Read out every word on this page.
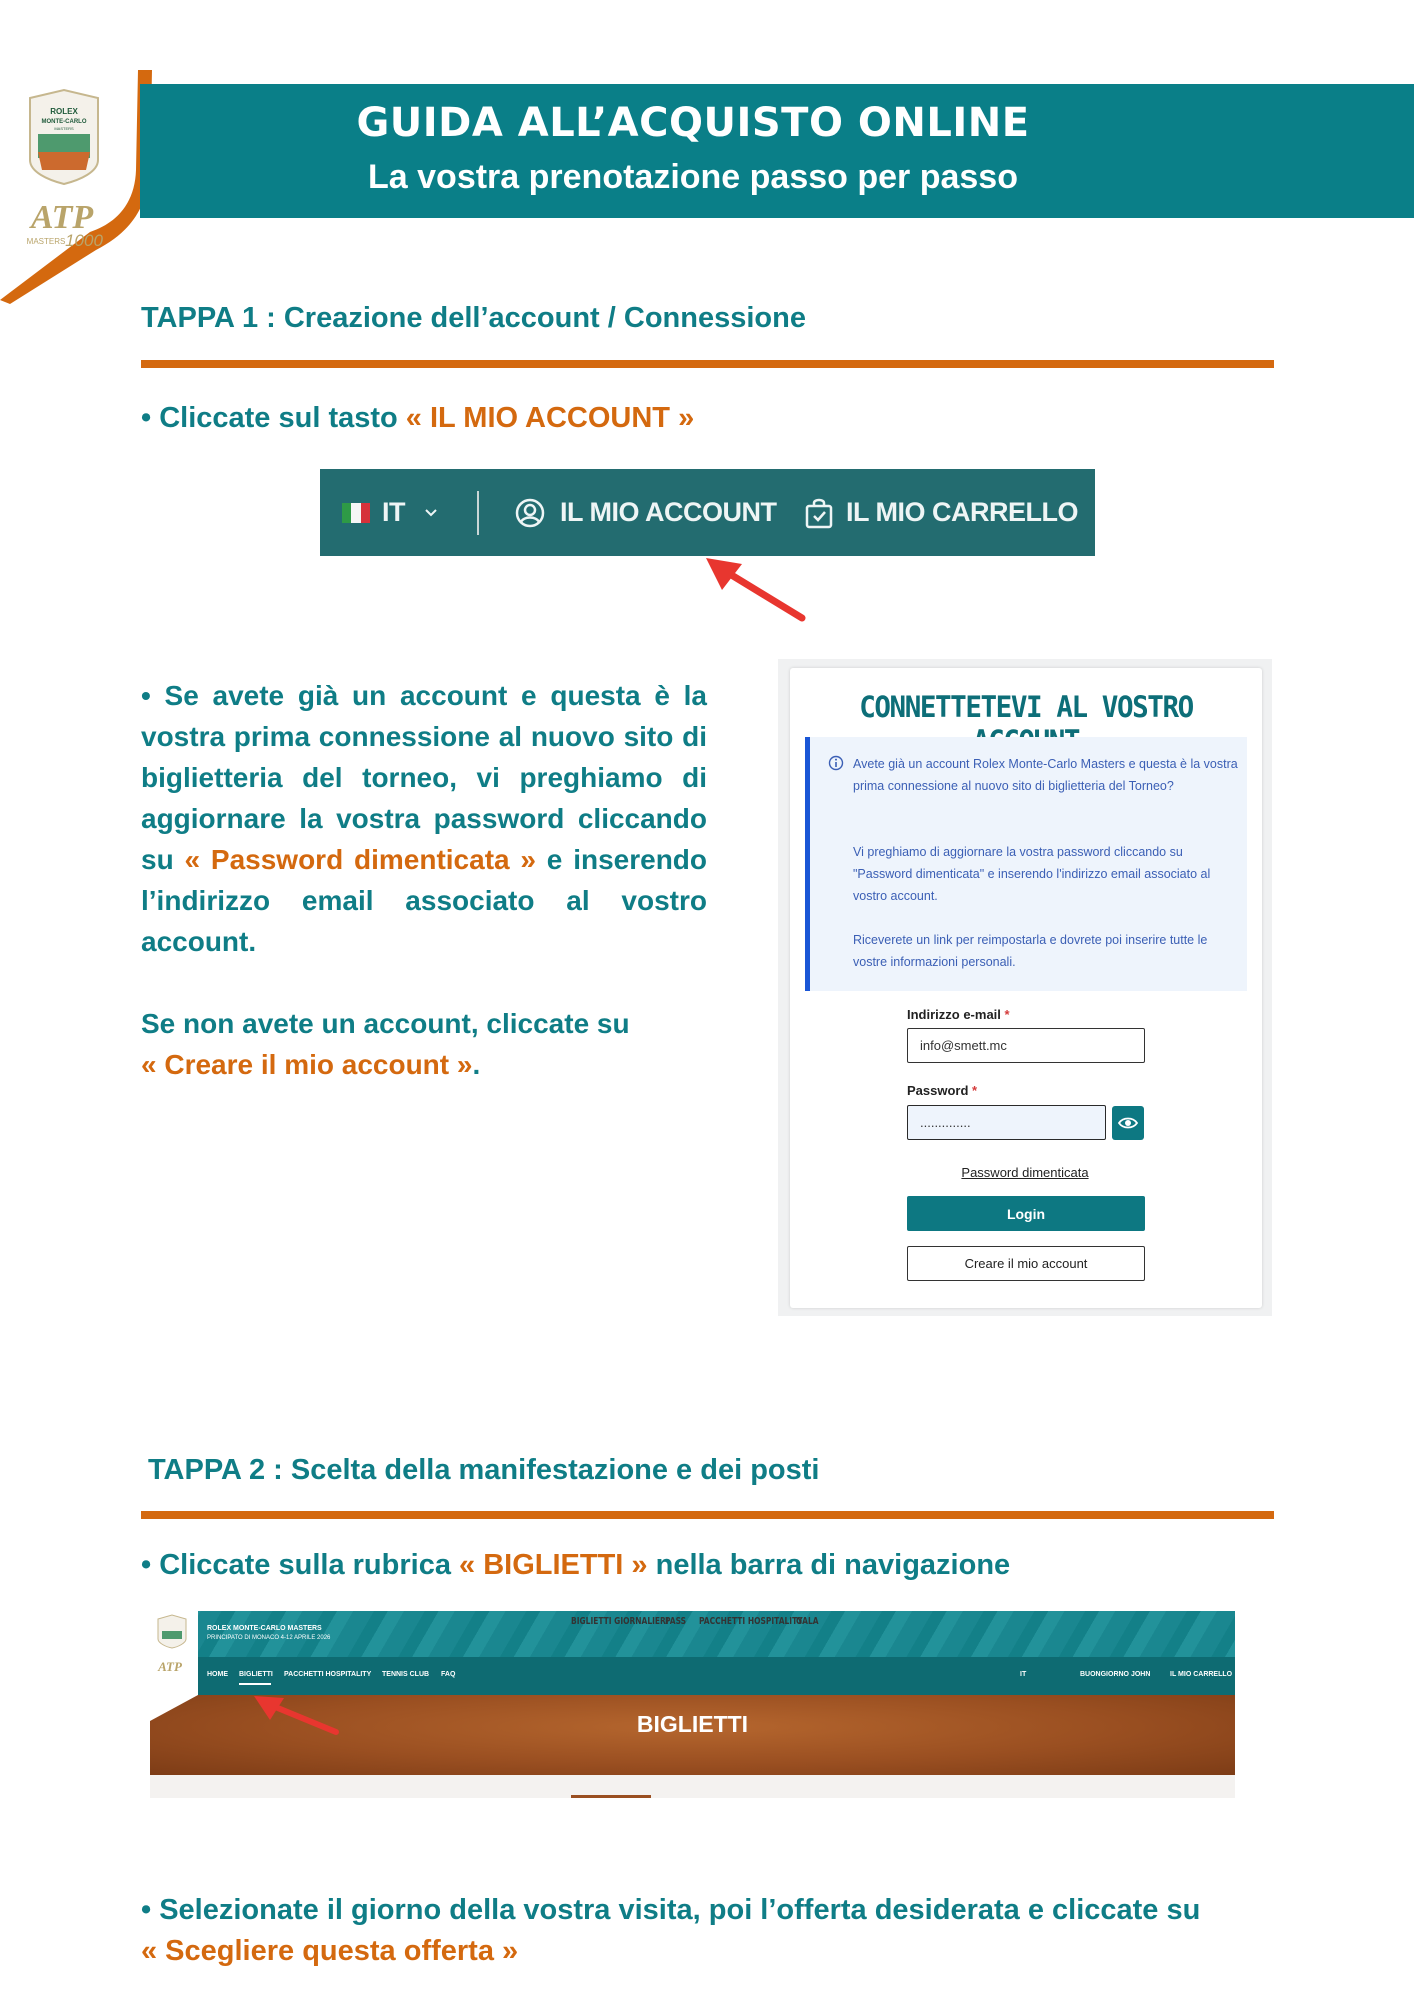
ROLEX
MONTE-CARLO
MASTERS
ATP
MASTERS 1000
GUIDA ALL’ACQUISTO ONLINE
La vostra prenotazione passo per passo
TAPPA 1 : Creazione dell’account / Connessione
• Cliccate sul tasto « IL MIO ACCOUNT »
IT	IL MIO ACCOUNT	IL MIO CARRELLO
• Se avete già un account e questa è la vostra prima connessione al nuovo sito di biglietteria del torneo, vi preghiamo di aggiornare la vostra password cliccando su « Password dimenticata » e inserendo l’indirizzo email associato al vostro account.
Se non avete un account, cliccate su
« Creare il mio account ».
CONNETTETEVI AL VOSTRO
Avete già un account Rolex Monte-Carlo Masters e questa è la vostra prima connessione al nuovo sito di biglietteria del Torneo?
Vi preghiamo di aggiornare la vostra password cliccando su "Password dimenticata" e inserendo l'indirizzo email associato al vostro account.
Riceverete un link per reimpostarla e dovrete poi inserire tutte le vostre informazioni personali.
Indirizzo e-mail *
info@smett.mc
Password *
..............
Password dimenticata
Login
Creare il mio account
TAPPA 2 : Scelta della manifestazione e dei posti
• Cliccate sulla rubrica « BIGLIETTI » nella barra di navigazione
ATP
ROLEX MONTE-CARLO MASTERS
PRINCIPATO DI MONACO 4-12 APRILE 2026
HOME BIGLIETTI PACCHETTI HOSPITALITY TENNIS CLUB FAQ	IT	BUONGIORNO JOHN	IL MIO CARRELLO
BIGLIETTI
BIGLIETTI GIORNALIERI
PASS PACCHETTI HOSPITALITY
GALA
• Selezionate il giorno della vostra visita, poi l’offerta desiderata e cliccate su
« Scegliere questa offerta »
